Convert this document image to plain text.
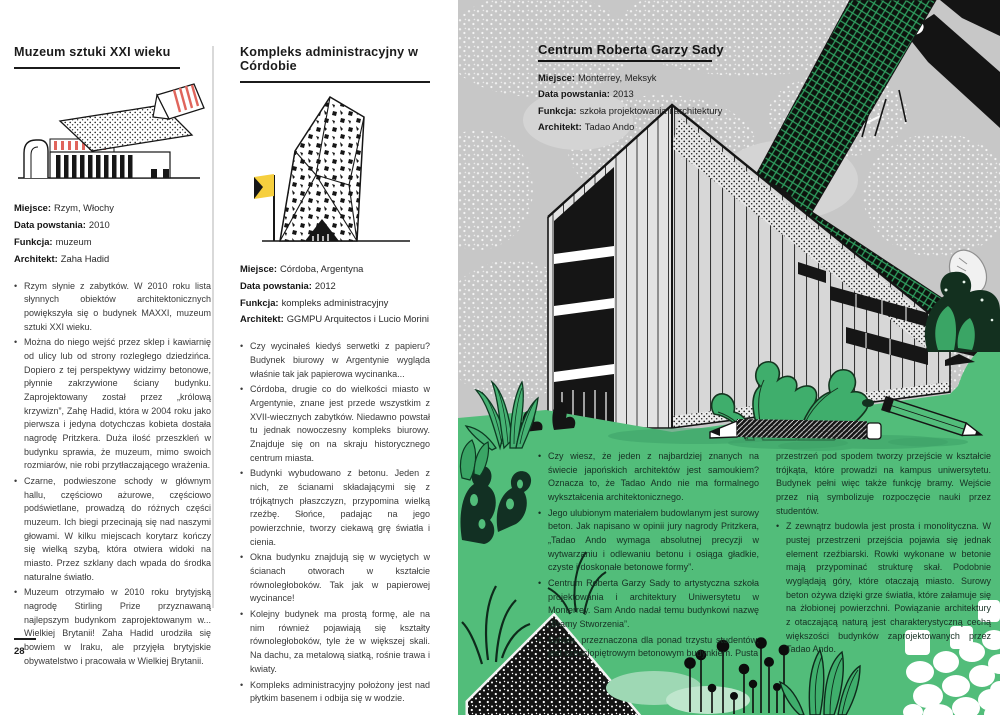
Muzeum sztuki XXI wieku
Miejsce: Rzym, Włochy
Data powstania: 2010
Funkcja: muzeum
Architekt: Zaha Hadid
• Rzym słynie z zabytków. W 2010 roku lista słynnych obiektów architektonicznych powiększyła się o budynek MAXXI, muzeum sztuki XXI wieku.
• Można do niego wejść przez sklep i kawiarnię od ulicy lub od strony rozległego dziedzińca. Dopiero z tej perspektywy widzimy betonowe, płynnie zakrzywione ściany budynku. Zaprojektowany został przez „królową krzywizn”, Zahę Hadid, która w 2004 roku jako pierwsza i jedyna dotychczas kobieta dostała nagrodę Pritzkera. Duża ilość przeszkleń w budynku sprawia, że muzeum, mimo swoich rozmiarów, nie robi przytłaczającego wrażenia.
• Czarne, podwieszone schody w głównym hallu, częściowo ażurowe, częściowo podświetlane, prowadzą do różnych części muzeum. Ich biegi przecinają się nad naszymi głowami. W kilku miejscach korytarz kończy się wielką szybą, która otwiera widoki na miasto. Przez szklany dach wpada do środka naturalne światło.
• Muzeum otrzymało w 2010 roku brytyjską nagrodę Stirling Prize przyznawaną najlepszym budynkom zaprojektowanym w... Wielkiej Brytanii! Zaha Hadid urodziła się bowiem w Iraku, ale przyjęła brytyjskie obywatelstwo i pracowała w Wielkiej Brytanii.
Kompleks administracyjny w Córdobie
Miejsce: Córdoba, Argentyna
Data powstania: 2012
Funkcja: kompleks administracyjny
Architekt: GGMPU Arquitectos i Lucio Morini
• Czy wycinałeś kiedyś serwetki z papieru? Budynek biurowy w Argentynie wygląda właśnie tak jak papierowa wycinanka...
• Córdoba, drugie co do wielkości miasto w Argentynie, znane jest przede wszystkim z XVII-wiecznych zabytków. Niedawno powstał tu jednak nowoczesny kompleks biurowy. Znajduje się on na skraju historycznego centrum miasta.
• Budynki wybudowano z betonu. Jeden z nich, ze ścianami składającymi się z trójkątnych płaszczyzn, przypomina wielką rzeźbę. Słońce, padając na jego powierzchnie, tworzy ciekawą grę światła i cienia.
• Okna budynku znajdują się w wyciętych w ścianach otworach w kształcie równoległoboków. Tak jak w papierowej wycinance!
• Kolejny budynek ma prostą formę, ale na nim również pojawiają się kształty równoległoboków, tyle że w większej skali. Na dachu, za metalową siatką, rośnie trawa i kwiaty.
• Kompleks administracyjny położony jest nad płytkim basenem i odbija się w wodzie.
28
Centrum Roberta Garzy Sady
Miejsce: Monterrey, Meksyk
Data powstania: 2013
Funkcja: szkoła projektowania i architektury
Architekt: Tadao Ando
• Czy wiesz, że jeden z najbardziej znanych na świecie japońskich architektów jest samoukiem? Oznacza to, że Tadao Ando nie ma formalnego wykształcenia architektonicznego.
• Jego ulubionym materiałem budowlanym jest surowy beton. Jak napisano w opinii jury nagrody Pritzkera, „Tadao Ando wymaga absolutnej precyzji w wytwarzaniu i odlewaniu betonu i osiąga gładkie, czyste i doskonałe betonowe formy”.
• Centrum Roberta Garzy Sady to artystyczna szkoła projektowania i architektury Uniwersytetu w Monterrey. Sam Ando nadał temu budynkowi nazwę „Bramy Stworzenia”.
• Szkoła, przeznaczona dla ponad trzystu studentów, jest sześciopiętrowym betonowym budynkiem. Pusta
przestrzeń pod spodem tworzy przejście w kształcie trójkąta, które prowadzi na kampus uniwersytetu. Budynek pełni więc także funkcję bramy. Wejście przez nią symbolizuje rozpoczęcie nauki przez studentów.
• Z zewnątrz budowla jest prosta i monolityczna. W pustej przestrzeni przejścia pojawia się jednak element rzeźbiarski. Rowki wykonane w betonie mają przypominać strukturę skał. Podobnie wyglądają góry, które otaczają miasto. Surowy beton ożywa dzięki grze światła, które załamuje się na żłobionej powierzchni. Powiązanie architektury z otaczającą naturą jest charakterystyczną cechą większości budynków zaprojektowanych przez Tadao Ando.
